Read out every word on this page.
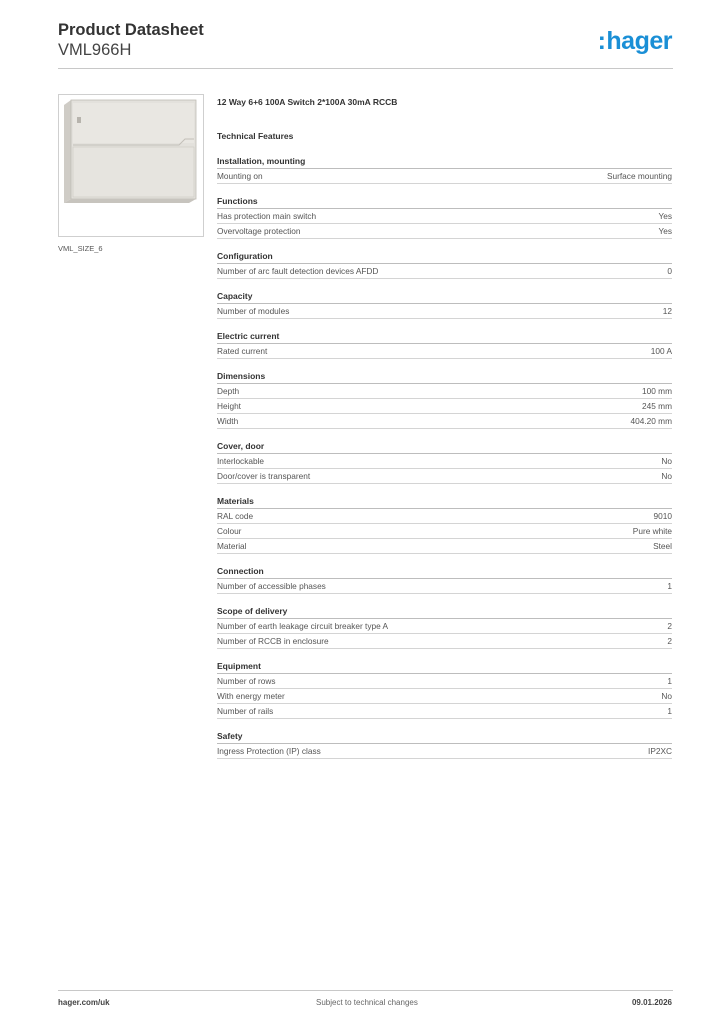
Product Datasheet
VML966H	:hager
VML_SIZE_6
12 Way 6+6 100A Switch 2*100A 30mA RCCB
Technical Features
Installation, mounting
Mounting on	Surface mounting
Functions
Has protection main switch	Yes
Overvoltage protection	Yes
Configuration
Number of arc fault detection devices AFDD	0
Capacity
Number of modules	12
Electric current
Rated current	100 A
Dimensions
Depth	100 mm
Height	245 mm
Width	404.20 mm
Cover, door
Interlockable	No
Door/cover is transparent	No
Materials
RAL code	9010
Colour	Pure white
Material	Steel
Connection
Number of accessible phases	1
Scope of delivery
Number of earth leakage circuit breaker type A	2
Number of RCCB in enclosure	2
Equipment
Number of rows	1
With energy meter	No
Number of rails	1
Safety
Ingress Protection (IP) class	IP2XC
hager.com/uk	Subject to technical changes	09.01.2026
